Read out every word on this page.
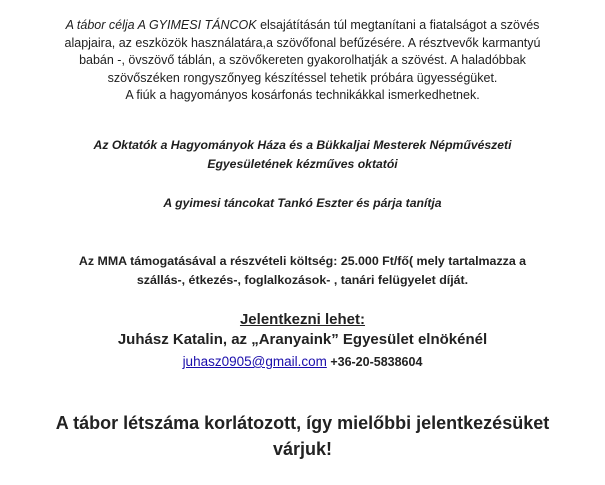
A tábor célja A GYIMESI TÁNCOK elsajátításán túl megtanítani a fiatalságot a szövés
alapjaira, az eszközök használatára,a szövőfonal befűzésére. A résztvevők karmantyú
babán -, övszövő táblán, a szövőkereten gyakorolhatják a szövést. A haladóbbak
szövőszéken rongyszőnyeg készítéssel tehetik próbára ügyességüket.
A fiúk a hagyományos kosárfonás technikákkal ismerkedhetnek.
Az Oktatók a Hagyományok Háza és a Bükkaljai Mesterek Népművészeti
Egyesületének kézműves oktatói
A gyimesi táncokat Tankó Eszter és párja tanítja
Az MMA támogatásával a részvételi költség: 25.000 Ft/fő( mely tartalmazza a
szállás-, étkezés-, foglalkozások- , tanári felügyelet díját.
Jelentkezni lehet:
Juhász Katalin, az „Aranyaink” Egyesület elnökénél
juhasz0905@gmail.com +36-20-5838604
A tábor létszáma korlátozott, így mielőbbi jelentkezésüket
várjuk!
